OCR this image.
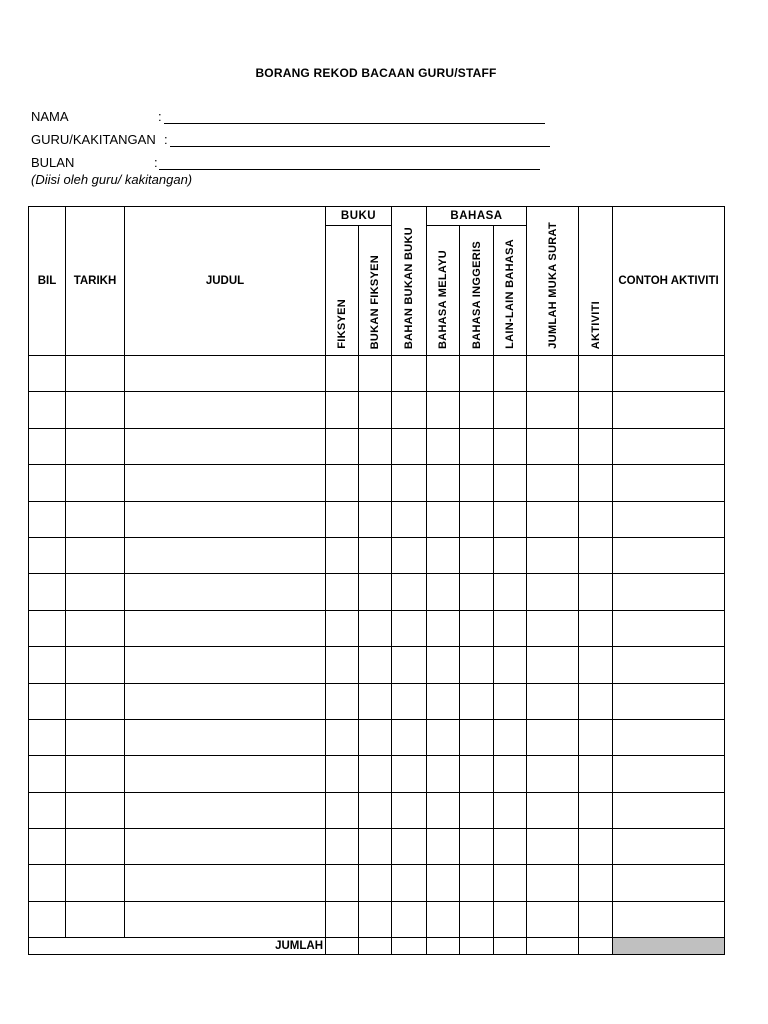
BORANG REKOD BACAAN GURU/STAFF
NAMA	:
GURU/KAKITANGAN :
BULAN	:
(Diisi oleh guru/ kakitangan)
BIL	TARIKH	JUDUL	BUKU		BAHAN BUKAN BUKU	BAHASA			JUMLAH MUKA SURAT	AKTIVITI	CONTOH AKTIVITI
			FIKSYEN	BUKAN FIKSYEN		BAHASA MELAYU	BAHASA INGGERIS	LAIN-LAIN BAHASA			

JUMLAH											
